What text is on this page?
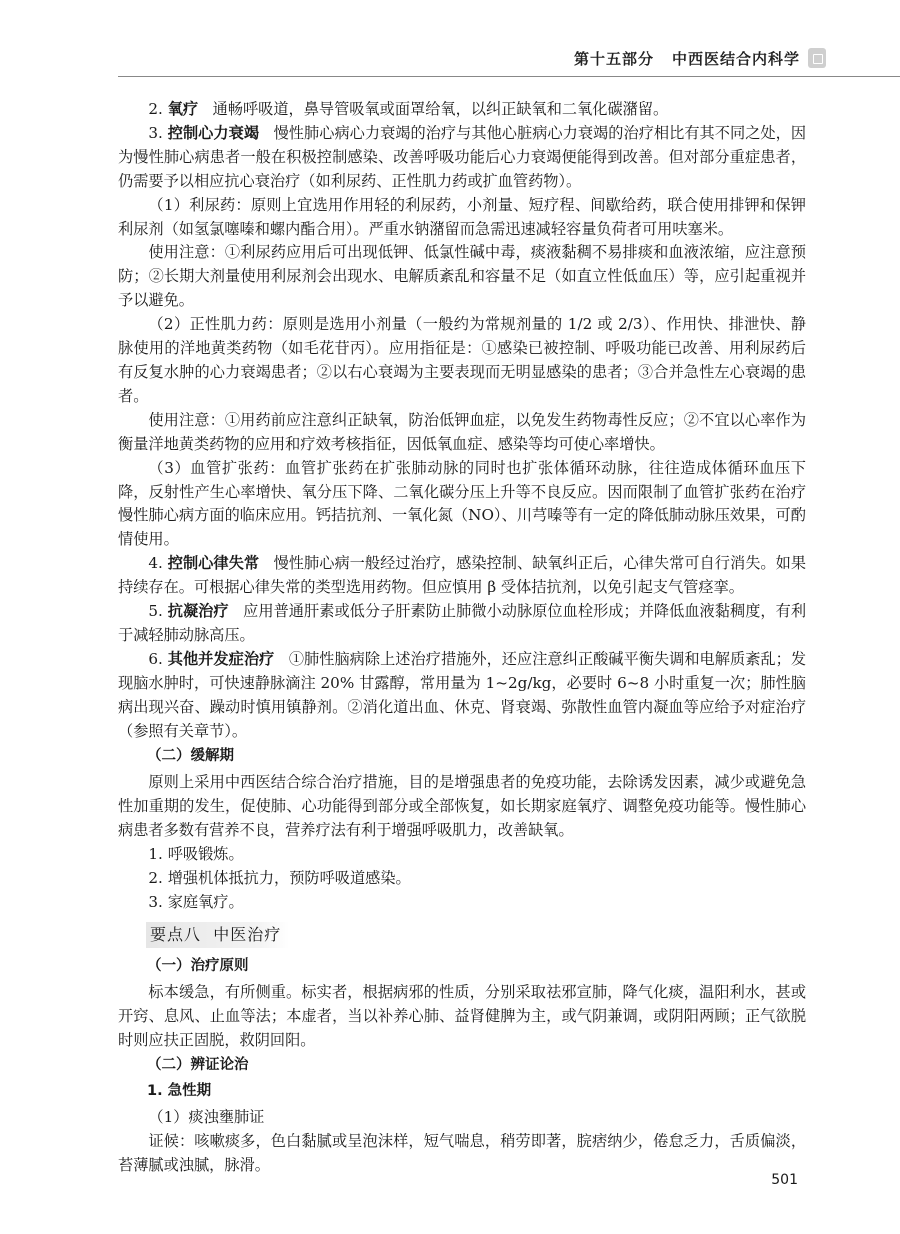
第十五部分 中西医结合内科学

2. 氧疗 通畅呼吸道，鼻导管吸氧或面罩给氧，以纠正缺氧和二氧化碳潴留。

3. 控制心力衰竭 慢性肺心病心力衰竭的治疗与其他心脏病心力衰竭的治疗相比有其不同之处，因为慢性肺心病患者一般在积极控制感染、改善呼吸功能后心力衰竭便能得到改善。但对部分重症患者，仍需要予以相应抗心衰治疗（如利尿药、正性肌力药或扩血管药物）。

（1）利尿药：原则上宜选用作用轻的利尿药，小剂量、短疗程、间歇给药，联合使用排钾和保钾利尿剂（如氢氯噻嗪和螺内酯合用）。严重水钠潴留而急需迅速减轻容量负荷者可用呋塞米。

使用注意：①利尿药应用后可出现低钾、低氯性碱中毒，痰液黏稠不易排痰和血液浓缩，应注意预防；②长期大剂量使用利尿剂会出现水、电解质紊乱和容量不足（如直立性低血压）等，应引起重视并予以避免。

（2）正性肌力药：原则是选用小剂量（一般约为常规剂量的 1/2 或 2/3）、作用快、排泄快、静脉使用的洋地黄类药物（如毛花苷丙）。应用指征是：①感染已被控制、呼吸功能已改善、用利尿药后有反复水肿的心力衰竭患者；②以右心衰竭为主要表现而无明显感染的患者；③合并急性左心衰竭的患者。

使用注意：①用药前应注意纠正缺氧，防治低钾血症，以免发生药物毒性反应；②不宜以心率作为衡量洋地黄类药物的应用和疗效考核指征，因低氧血症、感染等均可使心率增快。

（3）血管扩张药：血管扩张药在扩张肺动脉的同时也扩张体循环动脉，往往造成体循环血压下降，反射性产生心率增快、氧分压下降、二氧化碳分压上升等不良反应。因而限制了血管扩张药在治疗慢性肺心病方面的临床应用。钙拮抗剂、一氧化氮（NO）、川芎嗪等有一定的降低肺动脉压效果，可酌情使用。

4. 控制心律失常 慢性肺心病一般经过治疗，感染控制、缺氧纠正后，心律失常可自行消失。如果持续存在。可根据心律失常的类型选用药物。但应慎用 β 受体拮抗剂，以免引起支气管痉挛。

5. 抗凝治疗 应用普通肝素或低分子肝素防止肺微小动脉原位血栓形成；并降低血液黏稠度，有利于减轻肺动脉高压。

6. 其他并发症治疗 ①肺性脑病除上述治疗措施外，还应注意纠正酸碱平衡失调和电解质紊乱；发现脑水肿时，可快速静脉滴注 20% 甘露醇，常用量为 1~2g/kg，必要时 6~8 小时重复一次；肺性脑病出现兴奋、躁动时慎用镇静剂。②消化道出血、休克、肾衰竭、弥散性血管内凝血等应给予对症治疗（参照有关章节）。

（二）缓解期

原则上采用中西医结合综合治疗措施，目的是增强患者的免疫功能，去除诱发因素，减少或避免急性加重期的发生，促使肺、心功能得到部分或全部恢复，如长期家庭氧疗、调整免疫功能等。慢性肺心病患者多数有营养不良，营养疗法有利于增强呼吸肌力，改善缺氧。

1. 呼吸锻炼。

2. 增强机体抵抗力，预防呼吸道感染。

3. 家庭氧疗。

要点八 中医治疗
（一）治疗原则

标本缓急，有所侧重。标实者，根据病邪的性质，分别采取祛邪宣肺，降气化痰，温阳利水，甚或开窍、息风、止血等法；本虚者，当以补养心肺、益肾健脾为主，或气阴兼调，或阴阳两顾；正气欲脱时则应扶正固脱，救阴回阳。

（二）辨证论治
1. 急性期

（1）痰浊壅肺证

证候：咳嗽痰多，色白黏腻或呈泡沫样，短气喘息，稍劳即著，脘痞纳少，倦怠乏力，舌质偏淡，苔薄腻或浊腻，脉滑。

501
